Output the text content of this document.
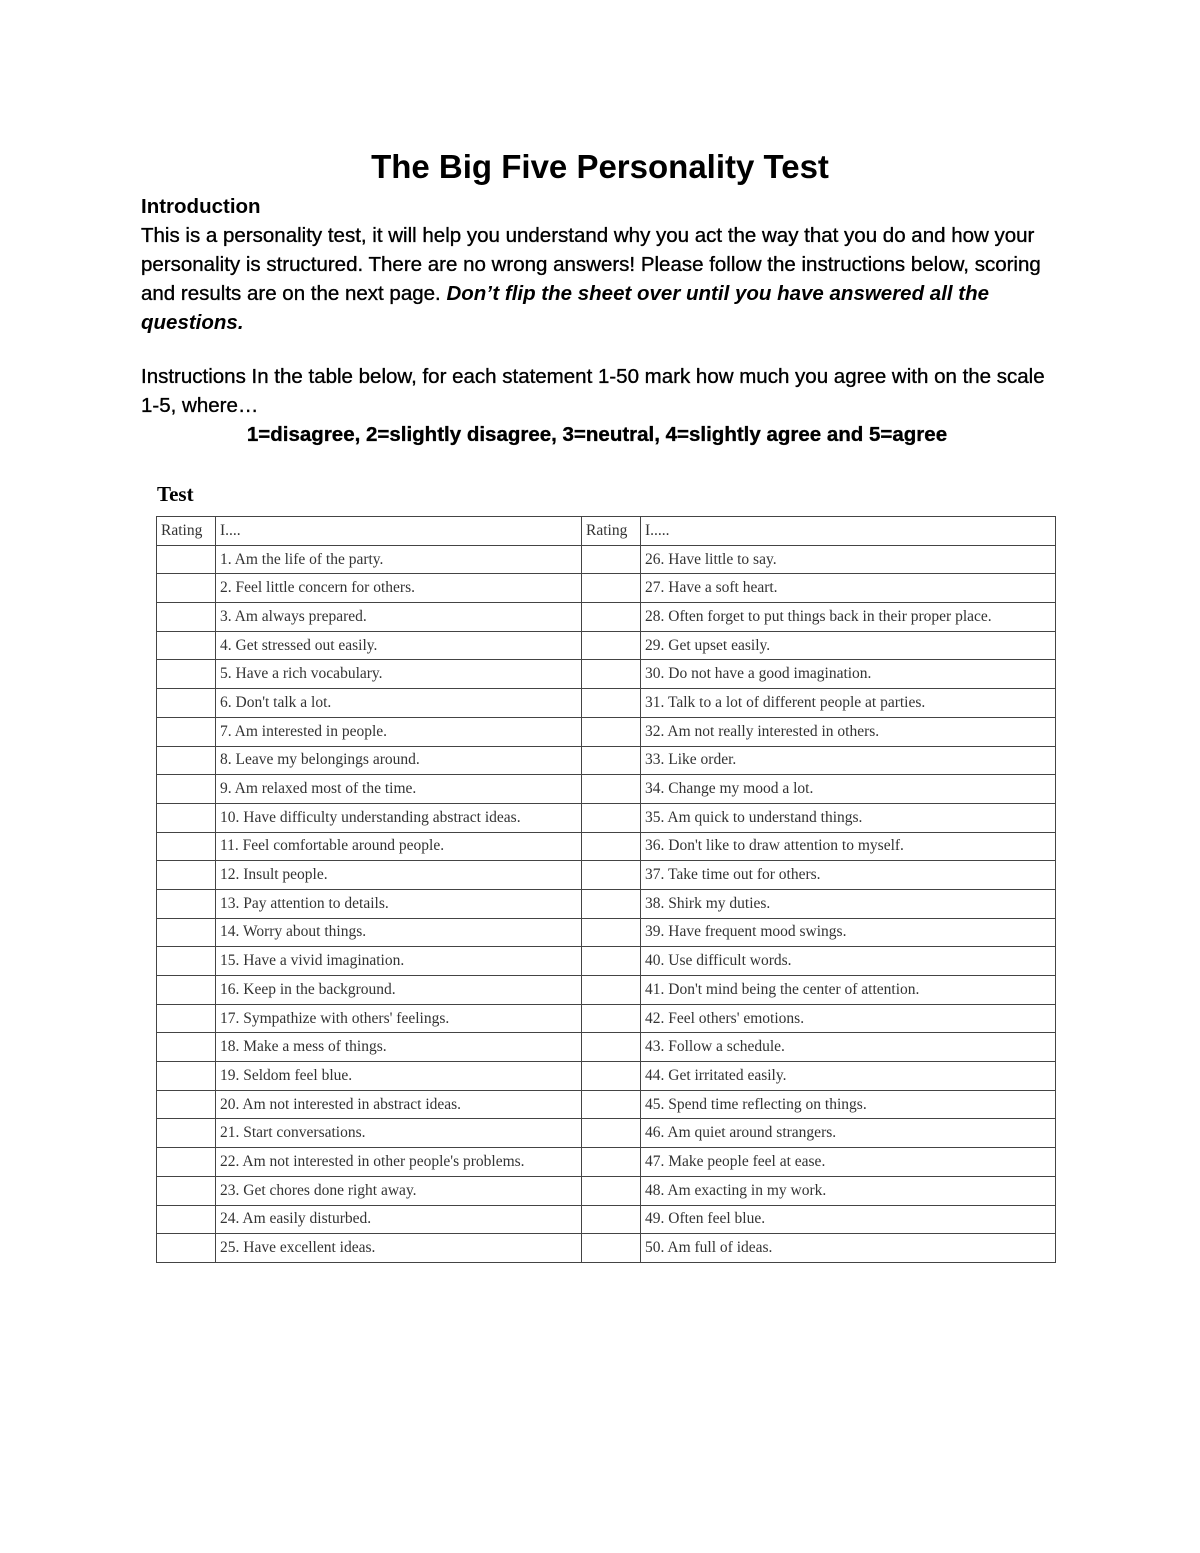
The Big Five Personality Test

Introduction

This is a personality test, it will help you understand why you act the way that you do and how your personality is structured. There are no wrong answers! Please follow the instructions below, scoring and results are on the next page. Don’t flip the sheet over until you have answered all the questions.

Instructions In the table below, for each statement 1-50 mark how much you agree with on the scale 1-5, where…

1=disagree, 2=slightly disagree, 3=neutral, 4=slightly agree and 5=agree

Test
Rating	I....	Rating	I.....
	1. Am the life of the party.		26. Have little to say.
	2. Feel little concern for others.		27. Have a soft heart.
	3. Am always prepared.		28. Often forget to put things back in their proper place.
	4. Get stressed out easily.		29. Get upset easily.
	5. Have a rich vocabulary.		30. Do not have a good imagination.
	6. Don't talk a lot.		31. Talk to a lot of different people at parties.
	7. Am interested in people.		32. Am not really interested in others.
	8. Leave my belongings around.		33. Like order.
	9. Am relaxed most of the time.		34. Change my mood a lot.
	10. Have difficulty understanding abstract ideas.		35. Am quick to understand things.
	11. Feel comfortable around people.		36. Don't like to draw attention to myself.
	12. Insult people.		37. Take time out for others.
	13. Pay attention to details.		38. Shirk my duties.
	14. Worry about things.		39. Have frequent mood swings.
	15. Have a vivid imagination.		40. Use difficult words.
	16. Keep in the background.		41. Don't mind being the center of attention.
	17. Sympathize with others' feelings.		42. Feel others' emotions.
	18. Make a mess of things.		43. Follow a schedule.
	19. Seldom feel blue.		44. Get irritated easily.
	20. Am not interested in abstract ideas.		45. Spend time reflecting on things.
	21. Start conversations.		46. Am quiet around strangers.
	22. Am not interested in other people's problems.		47. Make people feel at ease.
	23. Get chores done right away.		48. Am exacting in my work.
	24. Am easily disturbed.		49. Often feel blue.
	25. Have excellent ideas.		50. Am full of ideas.
